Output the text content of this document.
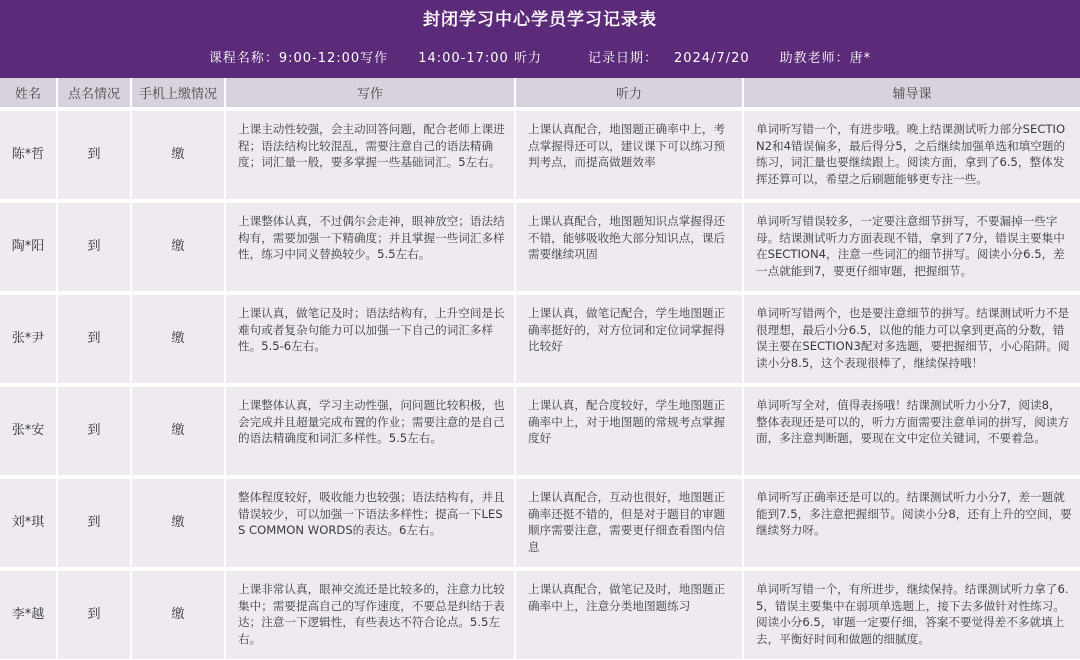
封闭学习中心学员学习记录表
课程名称：9:00-12:00写作 14:00-17:00 听力	记录日期： 2024/7/20 助教老师：唐*
姓名	点名情况	手机上缴情况	写作	听力	辅导课
陈*哲	到	缴	上课主动性较强，会主动回答问题，配合老师上课进程；语法结构比较混乱，需要注意自己的语法精确度；词汇量一般，要多掌握一些基础词汇。5左右。	上课认真配合，地图题正确率中上，考点掌握得还可以，建议课下可以练习预判考点，而提高做题效率	单词听写错一个，有进步哦。晚上结课测试听力部分SECTION2和4错误偏多，最后得分5，之后继续加强单选和填空题的练习，词汇量也要继续跟上。阅读方面，拿到了6.5，整体发挥还算可以，希望之后刷题能够更专注一些。

陶*阳	到	缴	上课整体认真，不过偶尔会走神，眼神放空；语法结构有，需要加强一下精确度；并且掌握一些词汇多样性，练习中同义替换较少。5.5左右。	上课认真配合，地图题知识点掌握得还不错，能够吸收绝大部分知识点，课后需要继续巩固	单词听写错误较多，一定要注意细节拼写，不要漏掉一些字母。结课测试听力方面表现不错，拿到了7分，错误主要集中在SECTION4，注意一些词汇的细节拼写。阅读小分6.5，差一点就能到7，要更仔细审题，把握细节。

张*尹	到	缴	上课认真，做笔记及时；语法结构有，上升空间是长难句或者复杂句能力可以加强一下自己的词汇多样性。5.5-6左右。	上课认真，做笔记配合，学生地图题正确率挺好的，对方位词和定位词掌握得比较好	单词听写错两个，也是要注意细节的拼写。结课测试听力不是很理想，最后小分6.5，以他的能力可以拿到更高的分数，错误主要在SECTION3配对多选题，要把握细节，小心陷阱。阅读小分8.5，这个表现很棒了，继续保持哦！

张*安	到	缴	上课整体认真，学习主动性强，问问题比较积极，也会完成并且超量完成布置的作业；需要注意的是自己的语法精确度和词汇多样性。5.5左右。	上课认真，配合度较好，学生地图题正确率中上，对于地图题的常规考点掌握度好	单词听写全对，值得表扬哦！结课测试听力小分7，阅读8，整体表现还是可以的，听力方面需要注意单词的拼写，阅读方面，多注意判断题，要现在文中定位关键词，不要着急。

刘*琪	到	缴	整体程度较好，吸收能力也较强；语法结构有，并且错误较少，可以加强一下语法多样性；提高一下LESS COMMON WORDS的表达。6左右。	上课认真配合，互动也很好，地图题正确率还挺不错的，但是对于题目的审题顺序需要注意，需要更仔细查看图内信息	单词听写正确率还是可以的。结课测试听力小分7，差一题就能到7.5，多注意把握细节。阅读小分8，还有上升的空间，要继续努力呀。

李*越	到	缴	上课非常认真，眼神交流还是比较多的，注意力比较集中；需要提高自己的写作速度，不要总是纠结于表达；注意一下逻辑性，有些表达不符合论点。5.5左右。	上课认真配合，做笔记及时，地图题正确率中上，注意分类地图题练习	单词听写错一个，有所进步，继续保持。结课测试听力拿了6.5，错误主要集中在弱项单选题上，接下去多做针对性练习。阅读小分6.5，审题一定要仔细，答案不要觉得差不多就填上去，平衡好时间和做题的细腻度。
